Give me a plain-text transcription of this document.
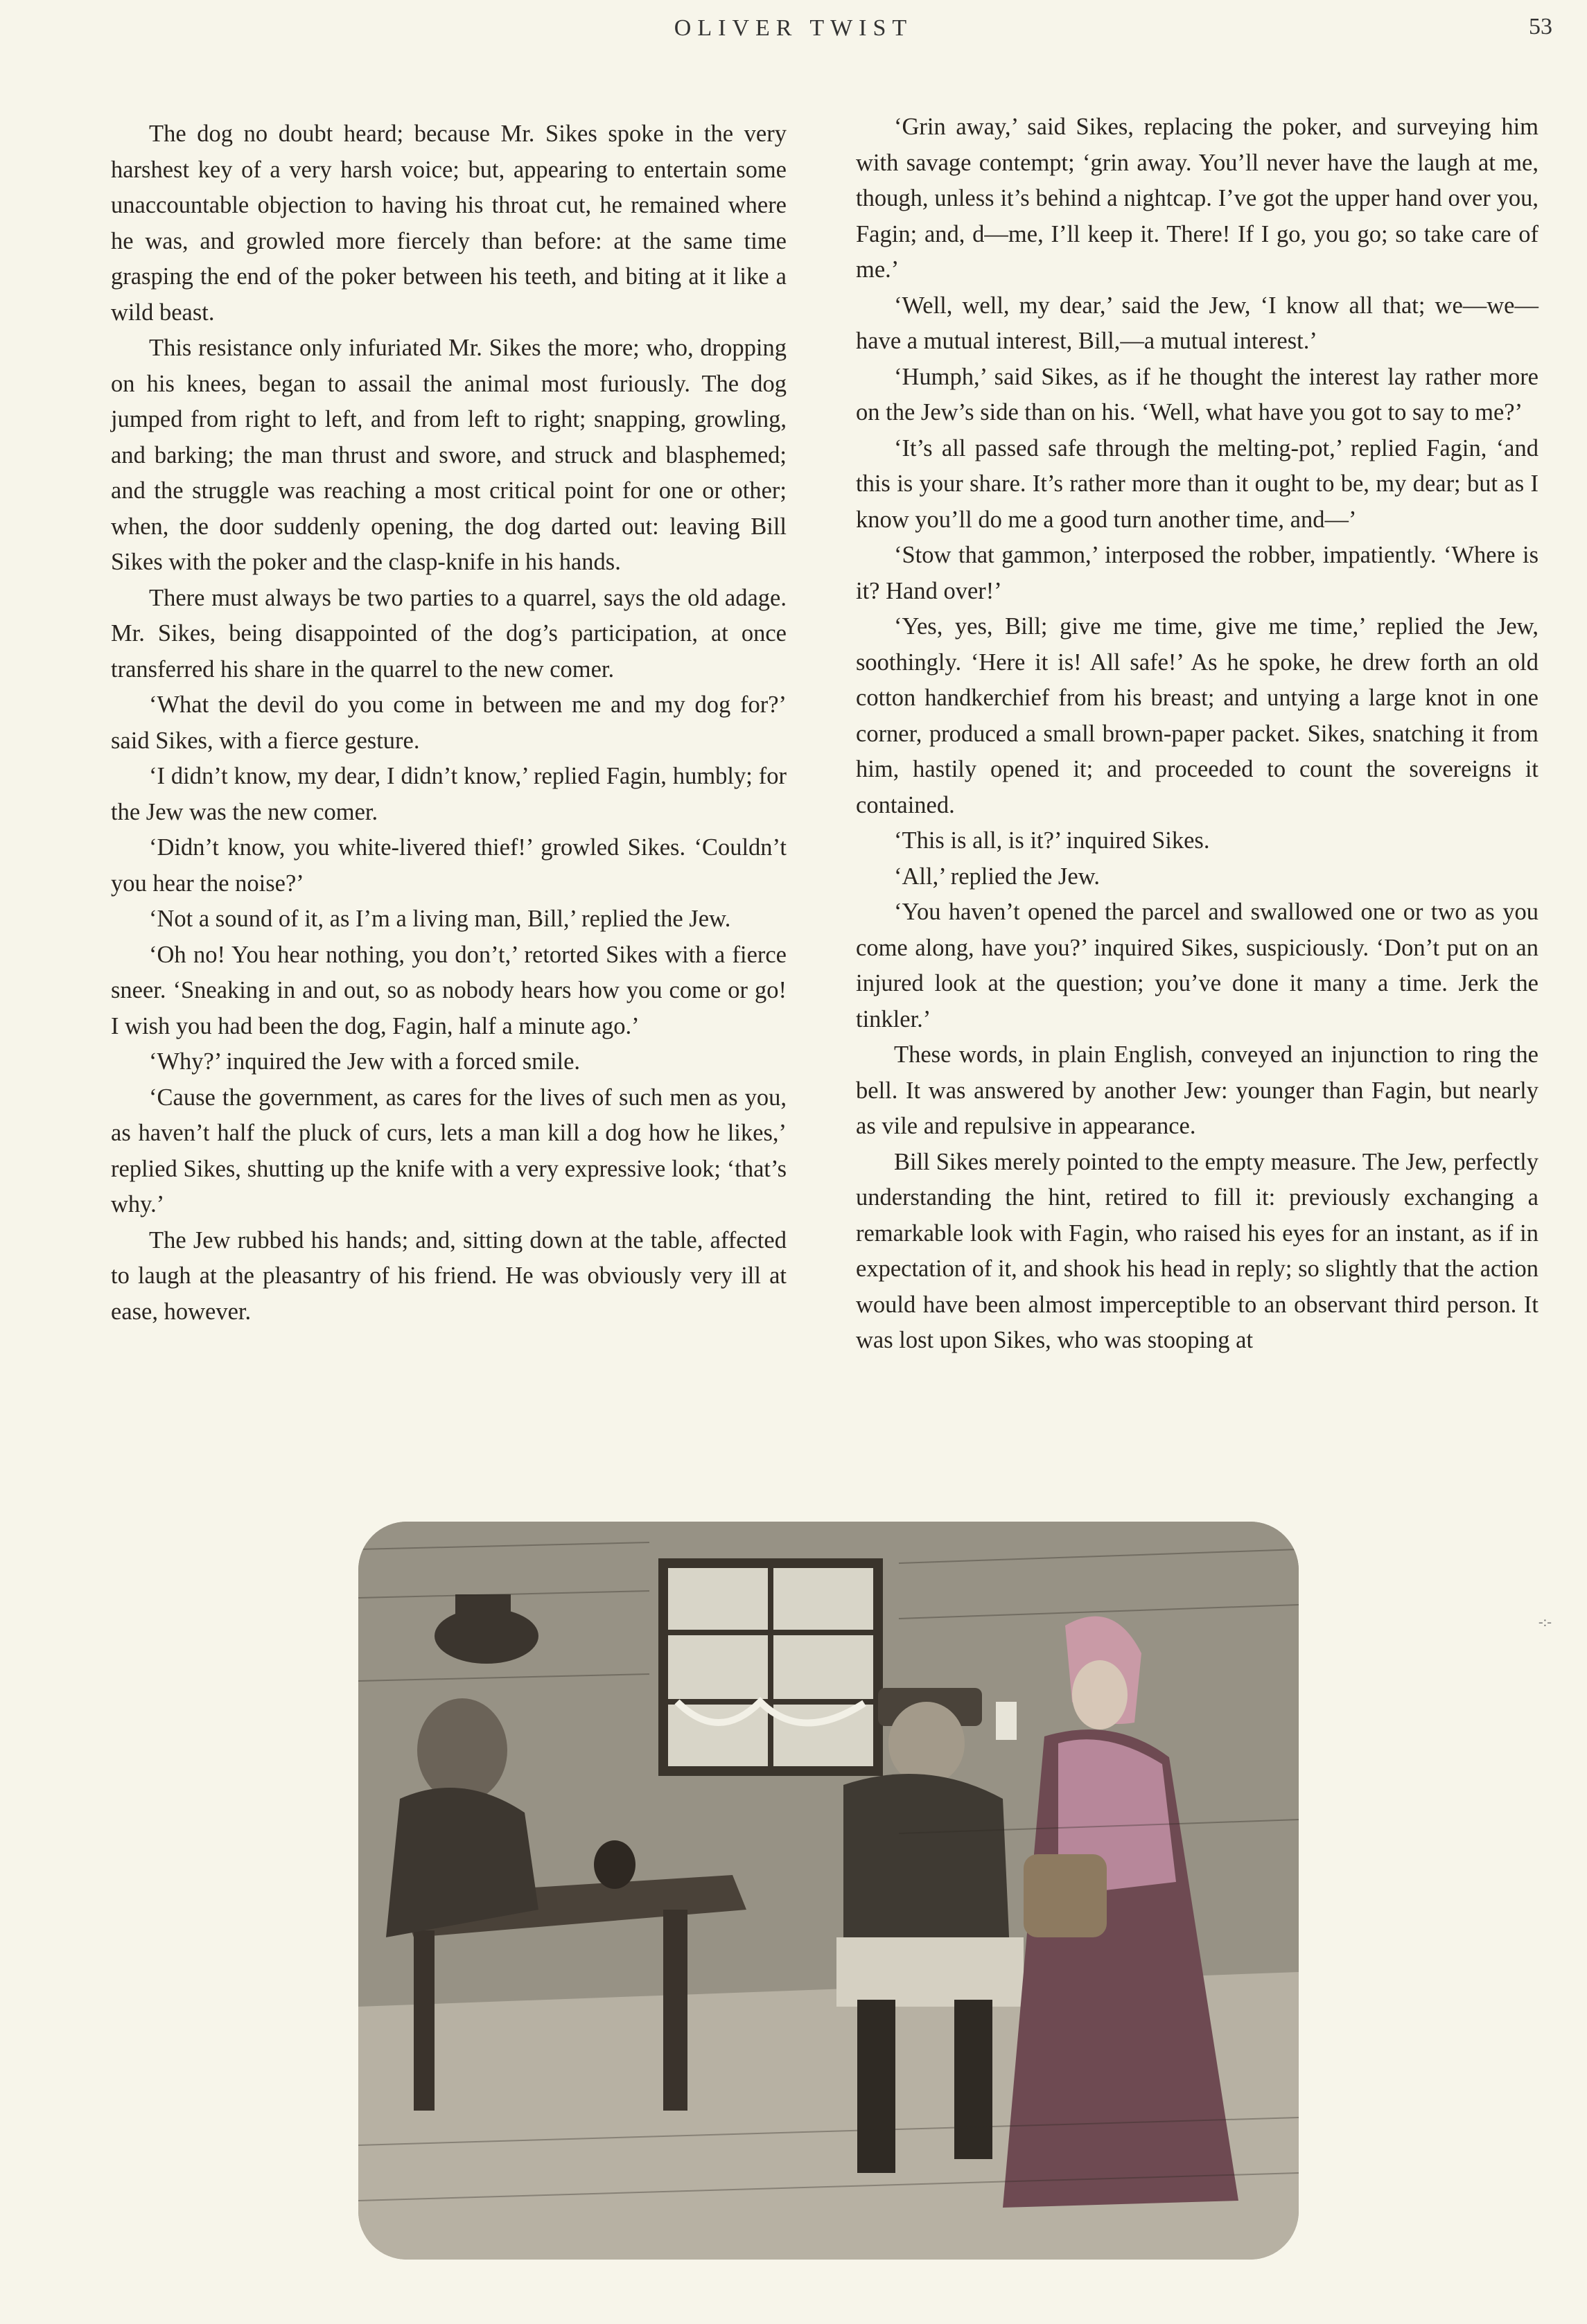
OLIVER TWIST	53

The dog no doubt heard; because Mr. Sikes spoke in the very harshest key of a very harsh voice; but, appearing to entertain some unaccountable objection to having his throat cut, he remained where he was, and growled more fiercely than before: at the same time grasping the end of the poker between his teeth, and biting at it like a wild beast.

This resistance only infuriated Mr. Sikes the more; who, dropping on his knees, began to assail the animal most furiously. The dog jumped from right to left, and from left to right; snapping, growling, and barking; the man thrust and swore, and struck and blasphemed; and the struggle was reaching a most critical point for one or other; when, the door suddenly opening, the dog darted out: leaving Bill Sikes with the poker and the clasp-knife in his hands.

There must always be two parties to a quarrel, says the old adage. Mr. Sikes, being disappointed of the dog’s participation, at once transferred his share in the quarrel to the new comer.

‘What the devil do you come in between me and my dog for?’ said Sikes, with a fierce gesture.

‘I didn’t know, my dear, I didn’t know,’ replied Fagin, humbly; for the Jew was the new comer.

‘Didn’t know, you white-livered thief!’ growled Sikes. ‘Couldn’t you hear the noise?’

‘Not a sound of it, as I’m a living man, Bill,’ replied the Jew.

‘Oh no! You hear nothing, you don’t,’ retorted Sikes with a fierce sneer. ‘Sneaking in and out, so as nobody hears how you come or go! I wish you had been the dog, Fagin, half a minute ago.’

‘Why?’ inquired the Jew with a forced smile.

‘Cause the government, as cares for the lives of such men as you, as haven’t half the pluck of curs, lets a man kill a dog how he likes,’ replied Sikes, shutting up the knife with a very expressive look; ‘that’s why.’

The Jew rubbed his hands; and, sitting down at the table, affected to laugh at the pleasantry of his friend. He was obviously very ill at ease, however.

‘Grin away,’ said Sikes, replacing the poker, and surveying him with savage contempt; ‘grin away. You’ll never have the laugh at me, though, unless it’s behind a nightcap. I’ve got the upper hand over you, Fagin; and, d—me, I’ll keep it. There! If I go, you go; so take care of me.’

‘Well, well, my dear,’ said the Jew, ‘I know all that; we—we—have a mutual interest, Bill,—a mutual interest.’

‘Humph,’ said Sikes, as if he thought the interest lay rather more on the Jew’s side than on his. ‘Well, what have you got to say to me?’

‘It’s all passed safe through the melting-pot,’ replied Fagin, ‘and this is your share. It’s rather more than it ought to be, my dear; but as I know you’ll do me a good turn another time, and—’

‘Stow that gammon,’ interposed the robber, impatiently. ‘Where is it? Hand over!’

‘Yes, yes, Bill; give me time, give me time,’ replied the Jew, soothingly. ‘Here it is! All safe!’ As he spoke, he drew forth an old cotton handkerchief from his breast; and untying a large knot in one corner, produced a small brown-paper packet. Sikes, snatching it from him, hastily opened it; and proceeded to count the sovereigns it contained.

‘This is all, is it?’ inquired Sikes.

‘All,’ replied the Jew.

‘You haven’t opened the parcel and swallowed one or two as you come along, have you?’ inquired Sikes, suspiciously. ‘Don’t put on an injured look at the question; you’ve done it many a time. Jerk the tinkler.’

These words, in plain English, conveyed an injunction to ring the bell. It was answered by another Jew: younger than Fagin, but nearly as vile and repulsive in appearance.

Bill Sikes merely pointed to the empty measure. The Jew, perfectly understanding the hint, retired to fill it: previously exchanging a remarkable look with Fagin, who raised his eyes for an instant, as if in expectation of it, and shook his head in reply; so slightly that the action would have been almost imperceptible to an observant third person. It was lost upon Sikes, who was stooping at

-:-
